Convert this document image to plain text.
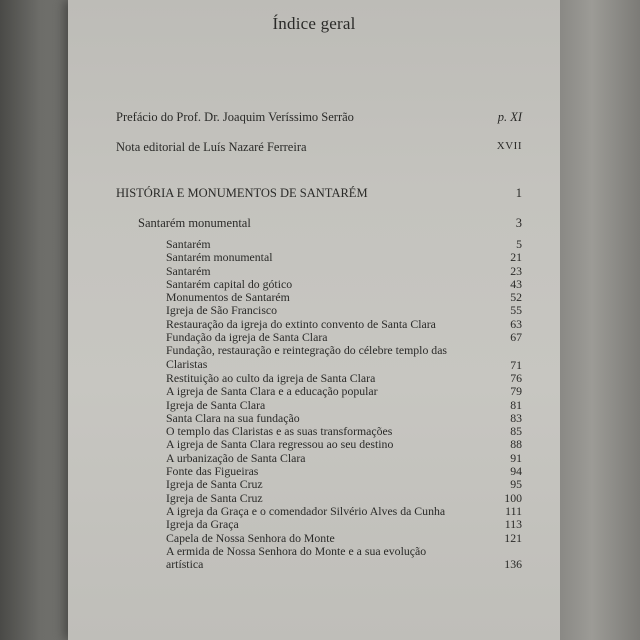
Índice geral
Prefácio do Prof. Dr. Joaquim Veríssimo Serrão	p. XI
Nota editorial de Luís Nazaré Ferreira	XVII
HISTÓRIA E MONUMENTOS DE SANTARÉM	1
Santarém monumental	3
Santarém	5
Santarém monumental	21
Santarém	23
Santarém capital do gótico	43
Monumentos de Santarém	52
Igreja de São Francisco	55
Restauração da igreja do extinto convento de Santa Clara	63
Fundação da igreja de Santa Clara	67
Fundação, restauração e reintegração do célebre templo das Claristas	71
Restituição ao culto da igreja de Santa Clara	76
A igreja de Santa Clara e a educação popular	79
Igreja de Santa Clara	81
Santa Clara na sua fundação	83
O templo das Claristas e as suas transformações	85
A igreja de Santa Clara regressou ao seu destino	88
A urbanização de Santa Clara	91
Fonte das Figueiras	94
Igreja de Santa Cruz	95
Igreja de Santa Cruz	100
A igreja da Graça e o comendador Silvério Alves da Cunha	111
Igreja da Graça	113
Capela de Nossa Senhora do Monte	121
A ermida de Nossa Senhora do Monte e a sua evolução artística	136
